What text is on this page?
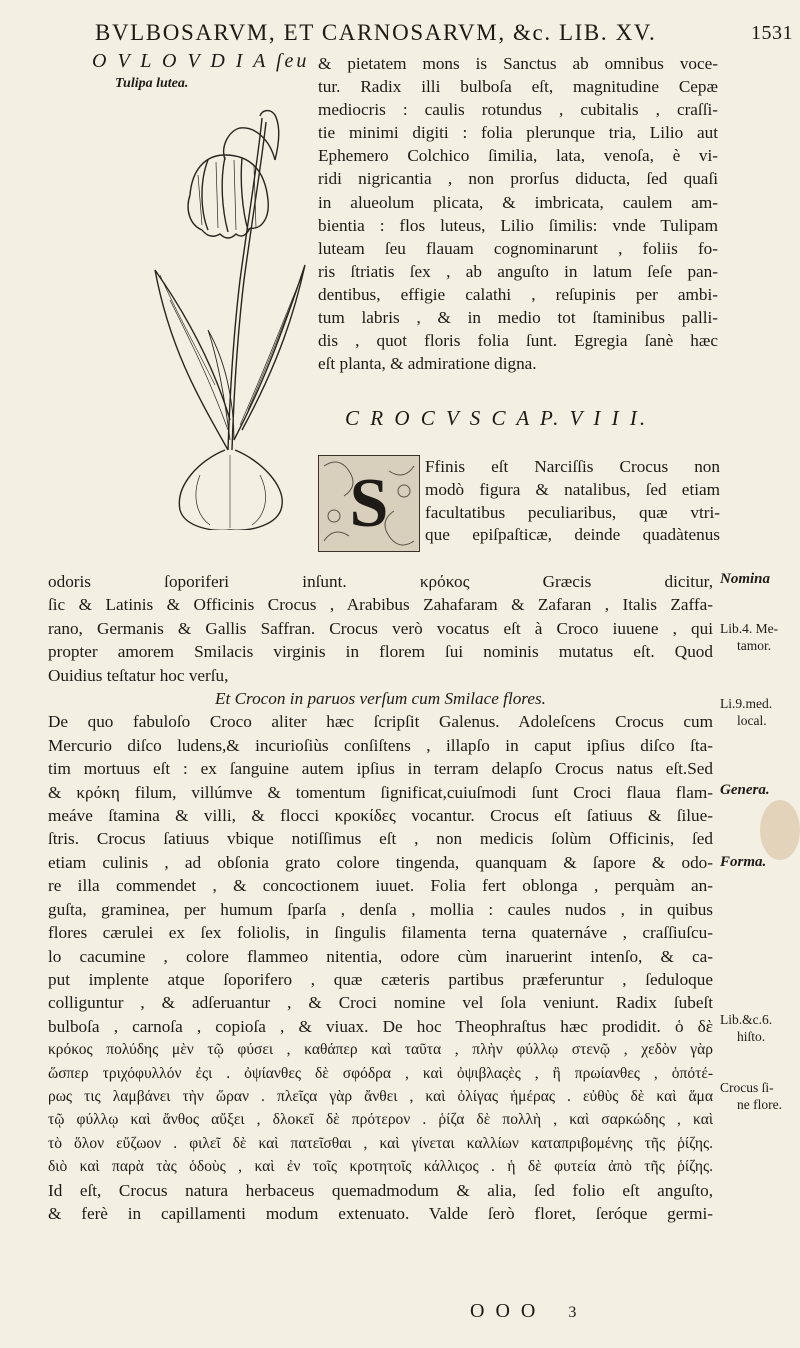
BVLBOSARVM, ET CARNOSARVM, &c. LIB. XV.	1531
O V L O V D I A ſeu
Tulipa lutea.
& pietatem mons is Sanctus ab omnibus voce-
tur. Radix illi bulboſa eſt, magnitudine Cepæ
mediocris : caulis rotundus , cubitalis , craſſi-
tie minimi digiti : folia plerunque tria, Lilio aut
Ephemero Colchico ſimilia, lata, venoſa, è vi-
ridi nigricantia , non prorſus diducta, ſed quaſi
in alueolum plicata, & imbricata, caulem am-
bientia : flos luteus, Lilio ſimilis: vnde Tulipam
luteam ſeu flauam cognominarunt , foliis fo-
ris ſtriatis ſex , ab anguſto in latum ſeſe pan-
dentibus, effigie calathi , reſupinis per ambi-
tum labris , & in medio tot ſtaminibus palli-
dis , quot floris folia ſunt. Egregia ſanè hæc
eſt planta, & admiratione digna.
C R O C V S C A P. V I I I.
S	Ffinis eſt Narciſſis Crocus non
modò figura & natalibus, ſed etiam
facultatibus peculiaribus, quæ vtri-
que epiſpaſticæ, deinde quadàtenus
odoris ſoporiferi inſunt. κρόκος Græcis dicitur,
ſic & Latinis & Officinis Crocus , Arabibus Zahafaram & Zafaran , Italis Zaffa-
rano, Germanis & Gallis Saffran. Crocus verò vocatus eſt à Croco iuuene , qui
propter amorem Smilacis virginis in florem ſui nominis mutatus eſt. Quod
Ouidius teſtatur hoc verſu,
Et Crocon in paruos verſum cum Smilace flores.
De quo fabuloſo Croco aliter hæc ſcripſit Galenus. Adoleſcens Crocus cum
Mercurio diſco ludens,& incurioſiùs conſiſtens , illapſo in caput ipſius diſco ſta-
tim mortuus eſt : ex ſanguine autem ipſius in terram delapſo Crocus natus eſt.Sed
& κρόκη filum, villúmve & tomentum ſignificat,cuiuſmodi ſunt Croci flaua flam-
meáve ſtamina & villi, & flocci κροκίδες vocantur. Crocus eſt ſatiuus & ſilue-
ſtris. Crocus ſatiuus vbique notiſſimus eſt , non medicis ſolùm Officinis, ſed
etiam culinis , ad obſonia grato colore tingenda, quanquam & ſapore & odo-
re illa commendet , & concoctionem iuuet. Folia fert oblonga , perquàm an-
guſta, graminea, per humum ſparſa , denſa , mollia : caules nudos , in quibus
flores cærulei ex ſex foliolis, in ſingulis filamenta terna quaternáve , craſſiuſcu-
lo cacumine , colore flammeo nitentia, odore cùm inaruerint intenſo, & ca-
put implente atque ſoporifero , quæ cæteris partibus præferuntur , ſeduloque
colliguntur , & adſeruantur , & Croci nomine vel ſola veniunt. Radix ſubeſt
bulboſa , carnoſa , copioſa , & viuax. De hoc Theophraſtus hæc prodidit. ὁ δὲ
κρόκος πολύδης μὲν τῷ φύσει , καθάπερ καὶ ταῦτα , πλὴν φύλλῳ στενῷ , χεδὸν γὰρ
ὥσπερ τριχόφυλλόν ἐςι . ὀψίανθες δὲ σφόδρα , καὶ ὀψιβλαςὲς , ἢ πρωίανθες , ὁπότέ-
ρως τις λαμβάνει τὴν ὥραν . πλεῖςα γὰρ ἄνθει , καὶ ὀλίγας ἡμέρας . εὐθὺς δὲ καὶ ἅμα
τῷ φύλλῳ καὶ ἄνθος αὔξει , δλοκεῖ δὲ πρότερον . ῥίζα δὲ πολλὴ , καὶ σαρκώδης , καὶ
τὸ ὅλον εὔζωον . φιλεῖ δὲ καὶ πατεῖσθαι , καὶ γίνεται καλλίων καταπριβομένης τῆς ῥίζης.
διὸ καὶ παρὰ τὰς ὁδοὺς , καὶ ἐν τοῖς κροτητοῖς κάλλιςος . ἡ δὲ φυτεία ἀπὸ τῆς ῥίζης.
Id eſt, Crocus natura herbaceus quemadmodum & alia, ſed folio eſt anguſto,
& ferè in capillamenti modum extenuato. Valde ſerò floret, ſeróque germi-
Nomina
Lib.4. Me-
tamor.
Li.9.med.
local.
Genera.
Forma.
Lib.&c.6.
hiſto.
Crocus ſi-
ne flore.
O O O 3
